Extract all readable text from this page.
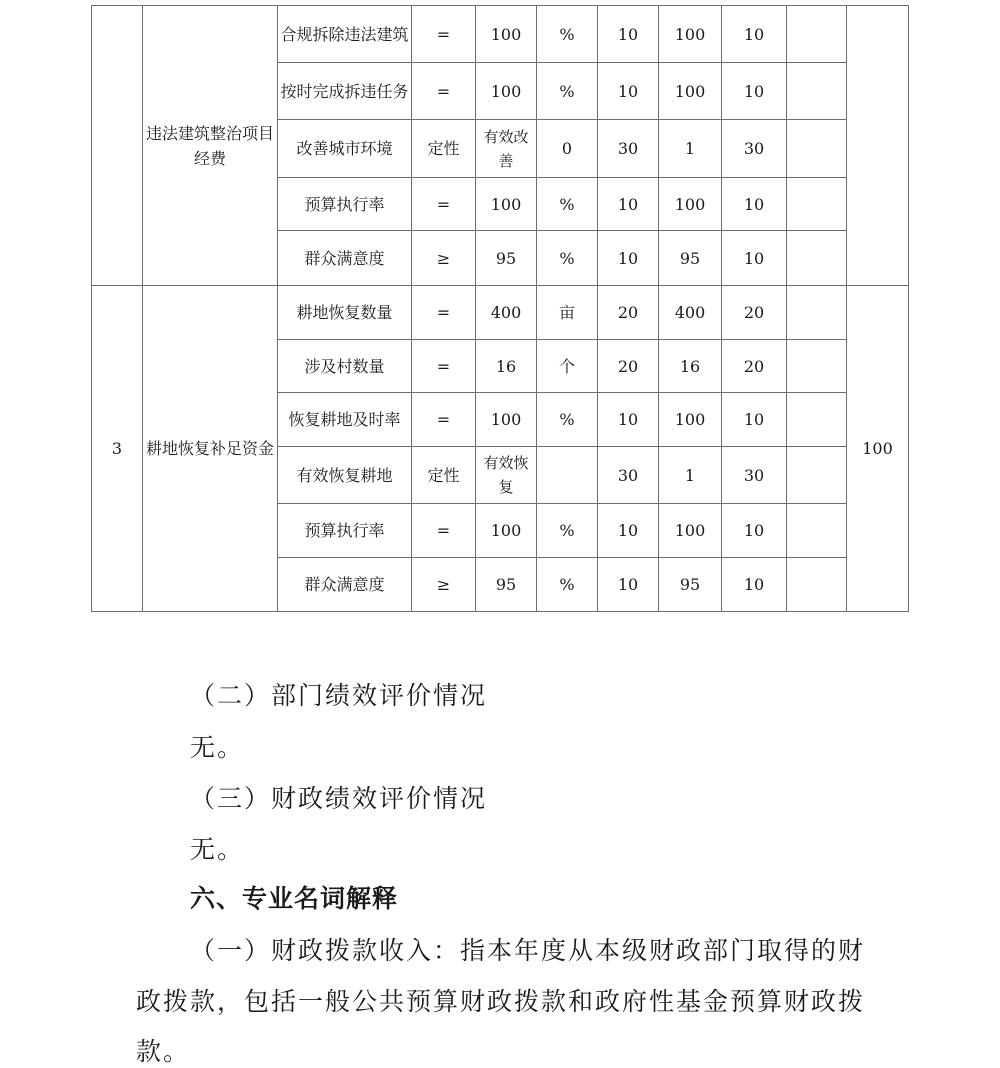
	违法建筑整治项目经费	合规拆除违法建筑	=	100	%	10	100	10		
		按时完成拆违任务	=	100	%	10	100	10		
		改善城市环境	定性	有效改善	0	30	1	30		
		预算执行率	=	100	%	10	100	10		
		群众满意度	≥	95	%	10	95	10		
3	耕地恢复补足资金	耕地恢复数量	=	400	亩	20	400	20		100
		涉及村数量	=	16	个	20	16	20		
		恢复耕地及时率	=	100	%	10	100	10		
		有效恢复耕地	定性	有效恢复		30	1	30		
		预算执行率	=	100	%	10	100	10		
		群众满意度	≥	95	%	10	95	10		
（二）部门绩效评价情况
无。
（三）财政绩效评价情况
无。
六、专业名词解释
（一）财政拨款收入：指本年度从本级财政部门取得的财
政拨款，包括一般公共预算财政拨款和政府性基金预算财政拨
款。
